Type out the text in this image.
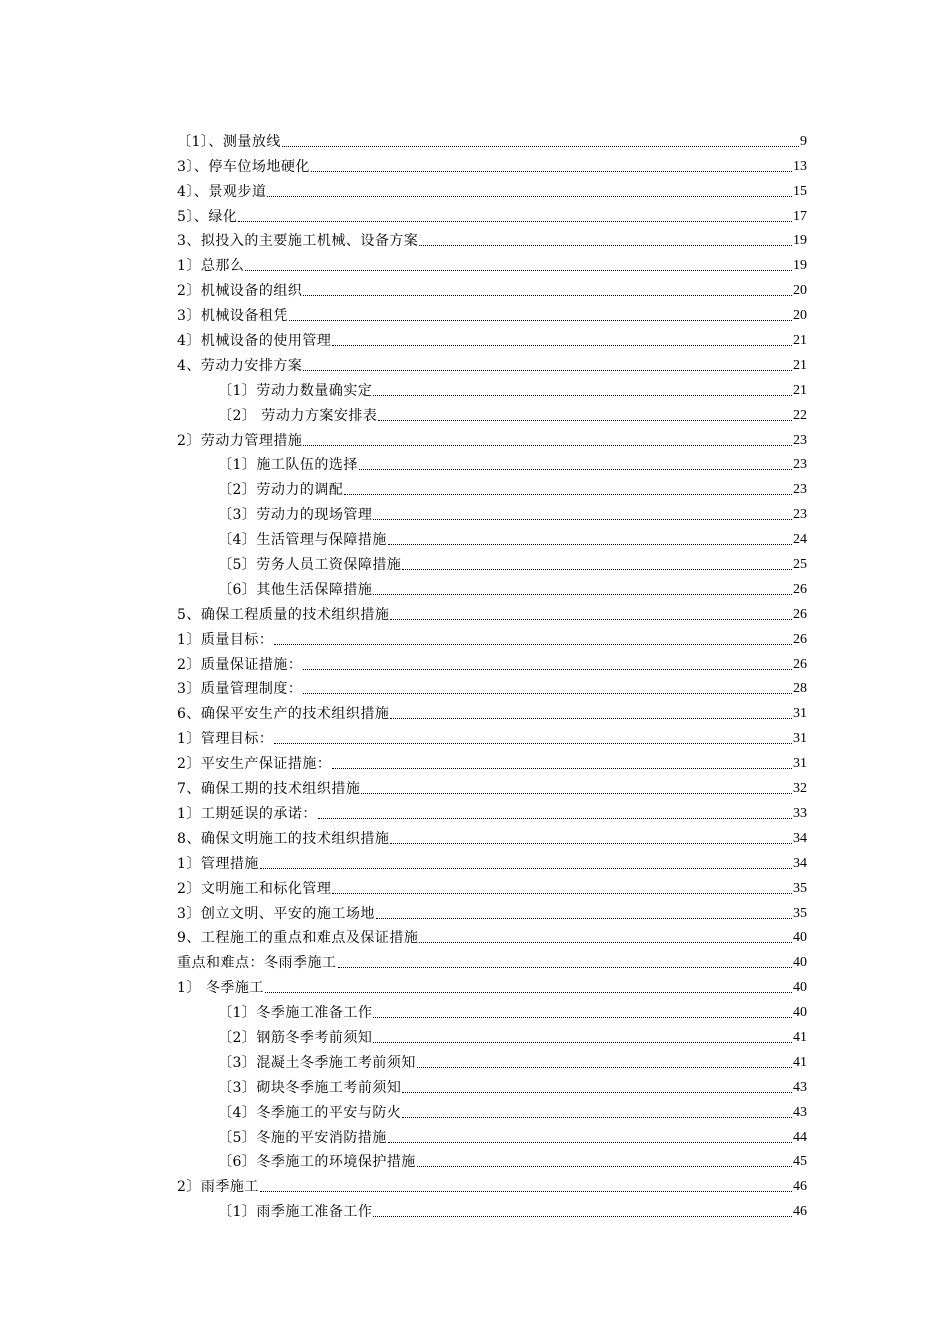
〔1〕、测量放线	9
3〕、停车位场地硬化	13
4〕、景观步道	15
5〕、绿化	17
3、拟投入的主要施工机械、设备方案	19
1〕总那么	19
2〕机械设备的组织	20
3〕机械设备租凭	20
4〕机械设备的使用管理	21
4、劳动力安排方案	21
〔1〕劳动力数量确实定	21
〔2〕 劳动力方案安排表	22
2〕劳动力管理措施	23
〔1〕施工队伍的选择	23
〔2〕劳动力的调配	23
〔3〕劳动力的现场管理	23
〔4〕生活管理与保障措施	24
〔5〕劳务人员工资保障措施	25
〔6〕其他生活保障措施	26
5、确保工程质量的技术组织措施	26
1〕质量目标：	26
2〕质量保证措施：	26
3〕质量管理制度：	28
6、确保平安生产的技术组织措施	31
1〕管理目标：	31
2〕平安生产保证措施：	31
7、确保工期的技术组织措施	32
1〕工期延误的承诺：	33
8、确保文明施工的技术组织措施	34
1〕管理措施	34
2〕文明施工和标化管理	35
3〕创立文明、平安的施工场地	35
9、工程施工的重点和难点及保证措施	40
重点和难点：冬雨季施工	40
1〕 冬季施工	40
〔1〕冬季施工准备工作	40
〔2〕钢筋冬季考前须知	41
〔3〕混凝土冬季施工考前须知	41
〔3〕砌块冬季施工考前须知	43
〔4〕冬季施工的平安与防火	43
〔5〕冬施的平安消防措施	44
〔6〕冬季施工的环境保护措施	45
2〕雨季施工	46
〔1〕雨季施工准备工作	46
